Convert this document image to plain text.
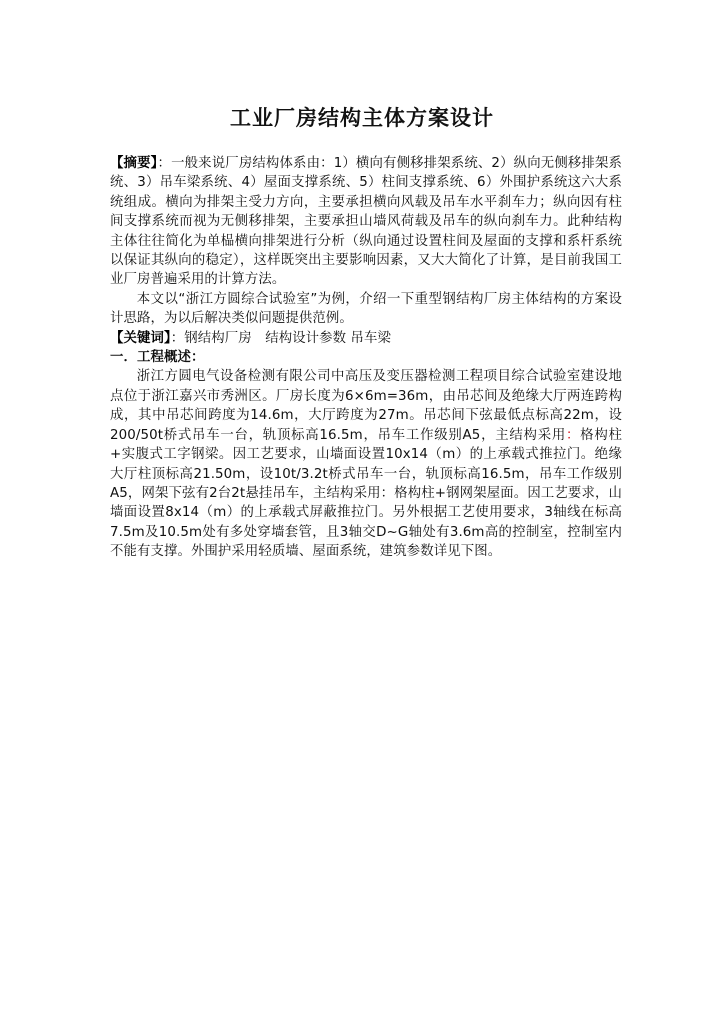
工业厂房结构主体方案设计

【摘要】：一般来说厂房结构体系由：1）横向有侧移排架系统、2）纵向无侧移排架系统、3）吊车梁系统、4）屋面支撑系统、5）柱间支撑系统、6）外围护系统这六大系统组成。横向为排架主受力方向，主要承担横向风载及吊车水平刹车力；纵向因有柱间支撑系统而视为无侧移排架，主要承担山墙风荷载及吊车的纵向刹车力。此种结构主体往往简化为单榀横向排架进行分析（纵向通过设置柱间及屋面的支撑和系杆系统以保证其纵向的稳定），这样既突出主要影响因素，又大大简化了计算，是目前我国工业厂房普遍采用的计算方法。

本文以“浙江方圆综合试验室”为例，介绍一下重型钢结构厂房主体结构的方案设计思路，为以后解决类似问题提供范例。

【关键词】：钢结构厂房　结构设计参数 吊车梁

一．工程概述：

浙江方圆电气设备检测有限公司中高压及变压器检测工程项目综合试验室建设地点位于浙江嘉兴市秀洲区。厂房长度为6×6m=36m，由吊芯间及绝缘大厅两连跨构成，其中吊芯间跨度为14.6m，大厅跨度为27m。吊芯间下弦最低点标高22m，设200/50t桥式吊车一台，轨顶标高16.5m，吊车工作级别A5，主结构采用：格构柱+实腹式工字钢梁。因工艺要求，山墙面设置10x14（m）的上承载式推拉门。绝缘大厅柱顶标高21.50m，设10t/3.2t桥式吊车一台，轨顶标高16.5m，吊车工作级别A5，网架下弦有2台2t悬挂吊车，主结构采用：格构柱+钢网架屋面。因工艺要求，山墙面设置8x14（m）的上承载式屏蔽推拉门。另外根据工艺使用要求，3轴线在标高7.5m及10.5m处有多处穿墙套管，且3轴交D~G轴处有3.6m高的控制室，控制室内不能有支撑。外围护采用轻质墙、屋面系统，建筑参数详见下图。
